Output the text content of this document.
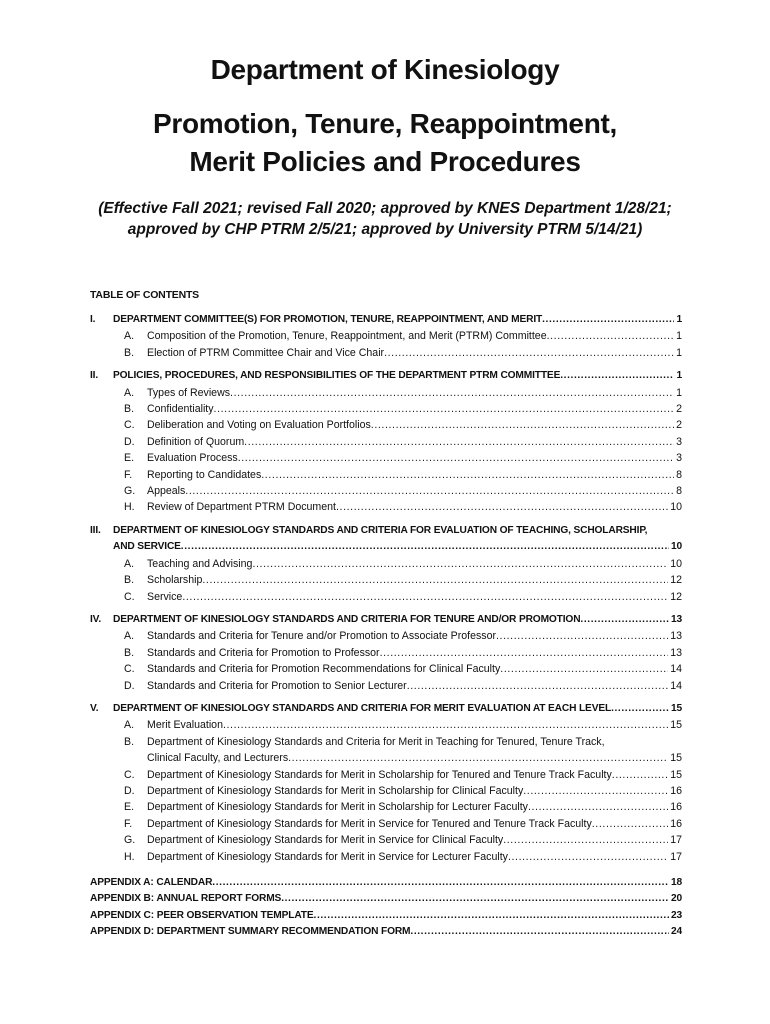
Department of Kinesiology
Promotion, Tenure, Reappointment,
Merit Policies and Procedures
(Effective Fall 2021; revised Fall 2020; approved by KNES Department 1/28/21;
approved by CHP PTRM 2/5/21; approved by University PTRM 5/14/21)
TABLE OF CONTENTS
I.	DEPARTMENT COMMITTEE(S) FOR PROMOTION, TENURE, REAPPOINTMENT, AND MERIT .....	1
A.	Composition of the Promotion, Tenure, Reappointment, and Merit (PTRM) Committee .....	1
B.	Election of PTRM Committee Chair and Vice Chair .....	1
II.	POLICIES, PROCEDURES, AND RESPONSIBILITIES OF THE DEPARTMENT PTRM COMMITTEE .....	1
A.	Types of Reviews .....	1
B.	Confidentiality .....	2
C.	Deliberation and Voting on Evaluation Portfolios .....	2
D.	Definition of Quorum .....	3
E.	Evaluation Process .....	3
F.	Reporting to Candidates .....	8
G.	Appeals .....	8
H.	Review of Department PTRM Document .....	10
III. DEPARTMENT OF KINESIOLOGY STANDARDS AND CRITERIA FOR EVALUATION OF TEACHING, SCHOLARSHIP,
AND SERVICE .....	10
A.	Teaching and Advising .....	10
B.	Scholarship .....	12
C.	Service .....	12
IV.	DEPARTMENT OF KINESIOLOGY STANDARDS AND CRITERIA FOR TENURE AND/OR PROMOTION .....	13
A.	Standards and Criteria for Tenure and/or Promotion to Associate Professor .....	13
B.	Standards and Criteria for Promotion to Professor .....	13
C.	Standards and Criteria for Promotion Recommendations for Clinical Faculty .....	14
D.	Standards and Criteria for Promotion to Senior Lecturer .....	14
V.	DEPARTMENT OF KINESIOLOGY STANDARDS AND CRITERIA FOR MERIT EVALUATION AT EACH LEVEL .....	15
A.	Merit Evaluation .....	15
B. Department of Kinesiology Standards and Criteria for Merit in Teaching for Tenured, Tenure Track,
Clinical Faculty, and Lecturers .....	15
C.	Department of Kinesiology Standards for Merit in Scholarship for Tenured and Tenure Track Faculty .....	15
D.	Department of Kinesiology Standards for Merit in Scholarship for Clinical Faculty .....	16
E.	Department of Kinesiology Standards for Merit in Scholarship for Lecturer Faculty .....	16
F.	Department of Kinesiology Standards for Merit in Service for Tenured and Tenure Track Faculty .....	16
G.	Department of Kinesiology Standards for Merit in Service for Clinical Faculty .....	17
H.	Department of Kinesiology Standards for Merit in Service for Lecturer Faculty .....	17
APPENDIX A: CALENDAR .....	18
APPENDIX B: ANNUAL REPORT FORMS .....	20
APPENDIX C: PEER OBSERVATION TEMPLATE .....	23
APPENDIX D: DEPARTMENT SUMMARY RECOMMENDATION FORM .....	24
